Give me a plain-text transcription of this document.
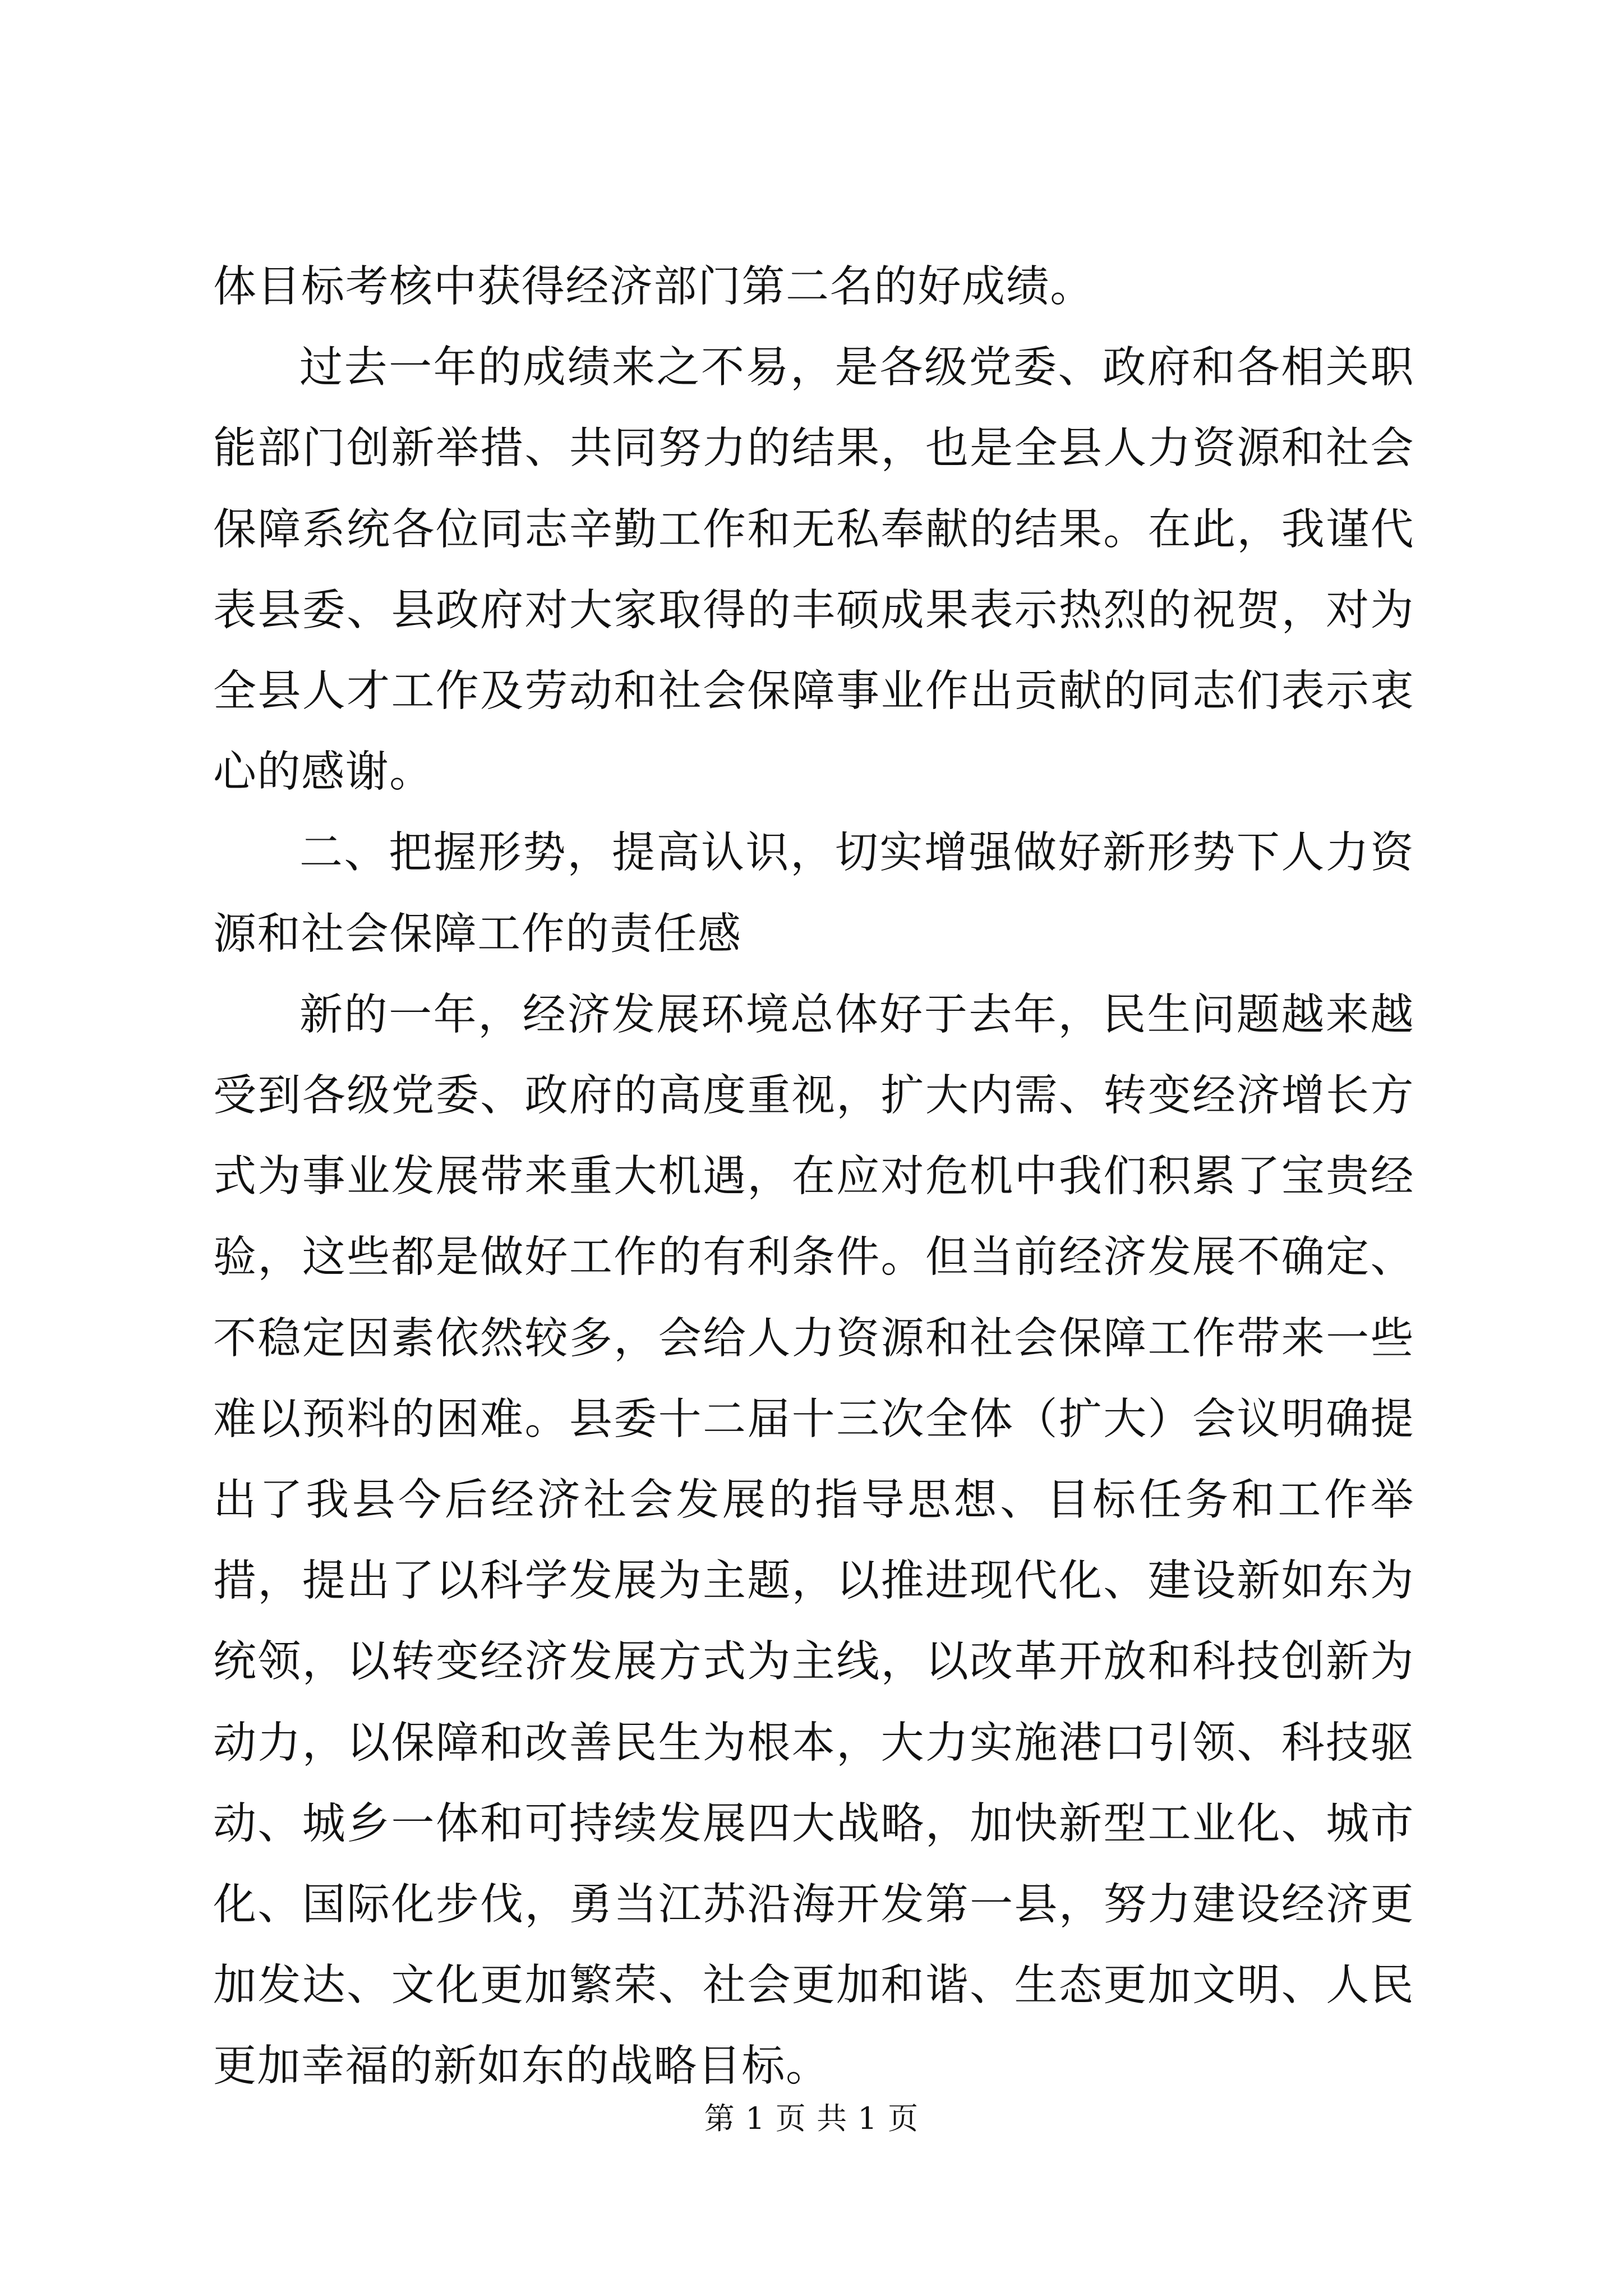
体目标考核中获得经济部门第二名的好成绩。

过去一年的成绩来之不易，是各级党委、政府和各相关职能部门创新举措、共同努力的结果，也是全县人力资源和社会保障系统各位同志辛勤工作和无私奉献的结果。在此，我谨代表县委、县政府对大家取得的丰硕成果表示热烈的祝贺，对为全县人才工作及劳动和社会保障事业作出贡献的同志们表示衷心的感谢。

二、把握形势，提高认识，切实增强做好新形势下人力资源和社会保障工作的责任感

新的一年，经济发展环境总体好于去年，民生问题越来越受到各级党委、政府的高度重视，扩大内需、转变经济增长方式为事业发展带来重大机遇，在应对危机中我们积累了宝贵经验，这些都是做好工作的有利条件。但当前经济发展不确定、不稳定因素依然较多，会给人力资源和社会保障工作带来一些难以预料的困难。县委十二届十三次全体（扩大）会议明确提出了我县今后经济社会发展的指导思想、目标任务和工作举措，提出了以科学发展为主题，以推进现代化、建设新如东为统领，以转变经济发展方式为主线，以改革开放和科技创新为动力，以保障和改善民生为根本，大力实施港口引领、科技驱动、城乡一体和可持续发展四大战略，加快新型工业化、城市化、国际化步伐，勇当江苏沿海开发第一县，努力建设经济更加发达、文化更加繁荣、社会更加和谐、生态更加文明、人民更加幸福的新如东的战略目标。

第 1 页 共 1 页
